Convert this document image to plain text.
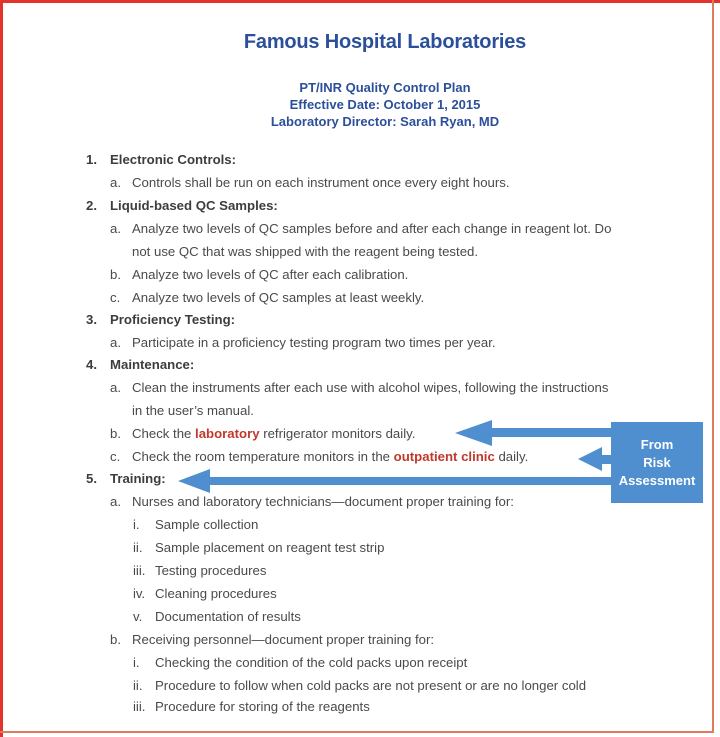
Famous Hospital Laboratories
PT/INR Quality Control Plan
Effective Date: October 1, 2015
Laboratory Director: Sarah Ryan, MD
1. Electronic Controls:
a. Controls shall be run on each instrument once every eight hours.
2. Liquid-based QC Samples:
a. Analyze two levels of QC samples before and after each change in reagent lot. Do
not use QC that was shipped with the reagent being tested.
b. Analyze two levels of QC after each calibration.
c. Analyze two levels of QC samples at least weekly.
3. Proficiency Testing:
a. Participate in a proficiency testing program two times per year.
4. Maintenance:
a. Clean the instruments after each use with alcohol wipes, following the instructions
in the user’s manual.
b. Check the laboratory refrigerator monitors daily.
c. Check the room temperature monitors in the outpatient clinic daily.
5. Training:
a. Nurses and laboratory technicians—document proper training for:
i. Sample collection
ii. Sample placement on reagent test strip
iii. Testing procedures
iv. Cleaning procedures
v. Documentation of results
b. Receiving personnel—document proper training for:
i. Checking the condition of the cold packs upon receipt
ii. Procedure to follow when cold packs are not present or are no longer cold
iii. Procedure for storing of the reagents
From
Risk
Assessment
